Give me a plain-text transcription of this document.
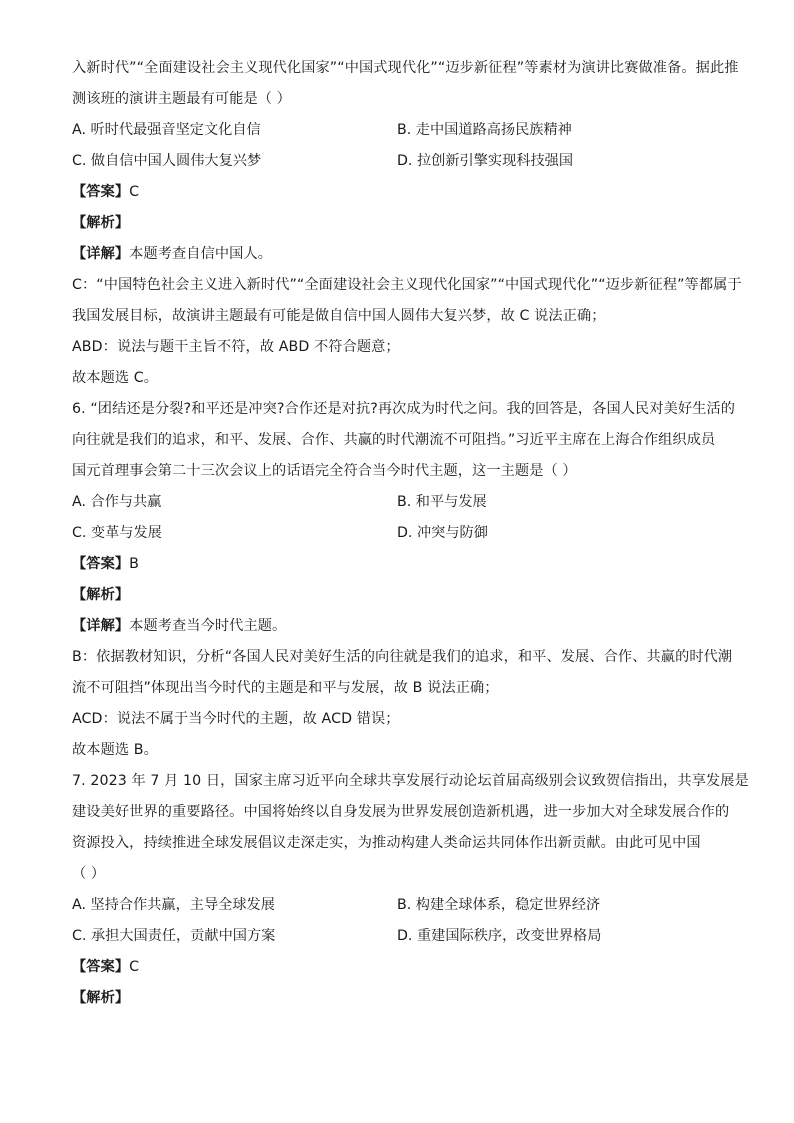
入新时代”“全面建设社会主义现代化国家”“中国式现代化”“迈步新征程”等素材为演讲比赛做准备。据此推
测该班的演讲主题最有可能是（ ）
A. 听时代最强音坚定文化自信	B. 走中国道路高扬民族精神
C. 做自信中国人圆伟大复兴梦	D. 拉创新引擎实现科技强国
【答案】C
【解析】
【详解】本题考查自信中国人。
C：“中国特色社会主义进入新时代”“全面建设社会主义现代化国家”“中国式现代化”“迈步新征程”等都属于
我国发展目标，故演讲主题最有可能是做自信中国人圆伟大复兴梦，故 C 说法正确；
ABD：说法与题干主旨不符，故 ABD 不符合题意；
故本题选 C。
6. “团结还是分裂?和平还是冲突?合作还是对抗?再次成为时代之问。我的回答是，各国人民对美好生活的
向往就是我们的追求，和平、发展、合作、共赢的时代潮流不可阻挡。”习近平主席在上海合作组织成员
国元首理事会第二十三次会议上的话语完全符合当今时代主题，这一主题是（ ）
A. 合作与共赢	B. 和平与发展
C. 变革与发展	D. 冲突与防御
【答案】B
【解析】
【详解】本题考查当今时代主题。
B：依据教材知识，分析“各国人民对美好生活的向往就是我们的追求，和平、发展、合作、共赢的时代潮
流不可阻挡”体现出当今时代的主题是和平与发展，故 B 说法正确；
ACD：说法不属于当今时代的主题，故 ACD 错误；
故本题选 B。
7. 2023 年 7 月 10 日，国家主席习近平向全球共享发展行动论坛首届高级别会议致贺信指出，共享发展是
建设美好世界的重要路径。中国将始终以自身发展为世界发展创造新机遇，进一步加大对全球发展合作的
资源投入，持续推进全球发展倡议走深走实，为推动构建人类命运共同体作出新贡献。由此可见中国
（ ）
A. 坚持合作共赢，主导全球发展	B. 构建全球体系，稳定世界经济
C. 承担大国责任，贡献中国方案	D. 重建国际秩序，改变世界格局
【答案】C
【解析】
